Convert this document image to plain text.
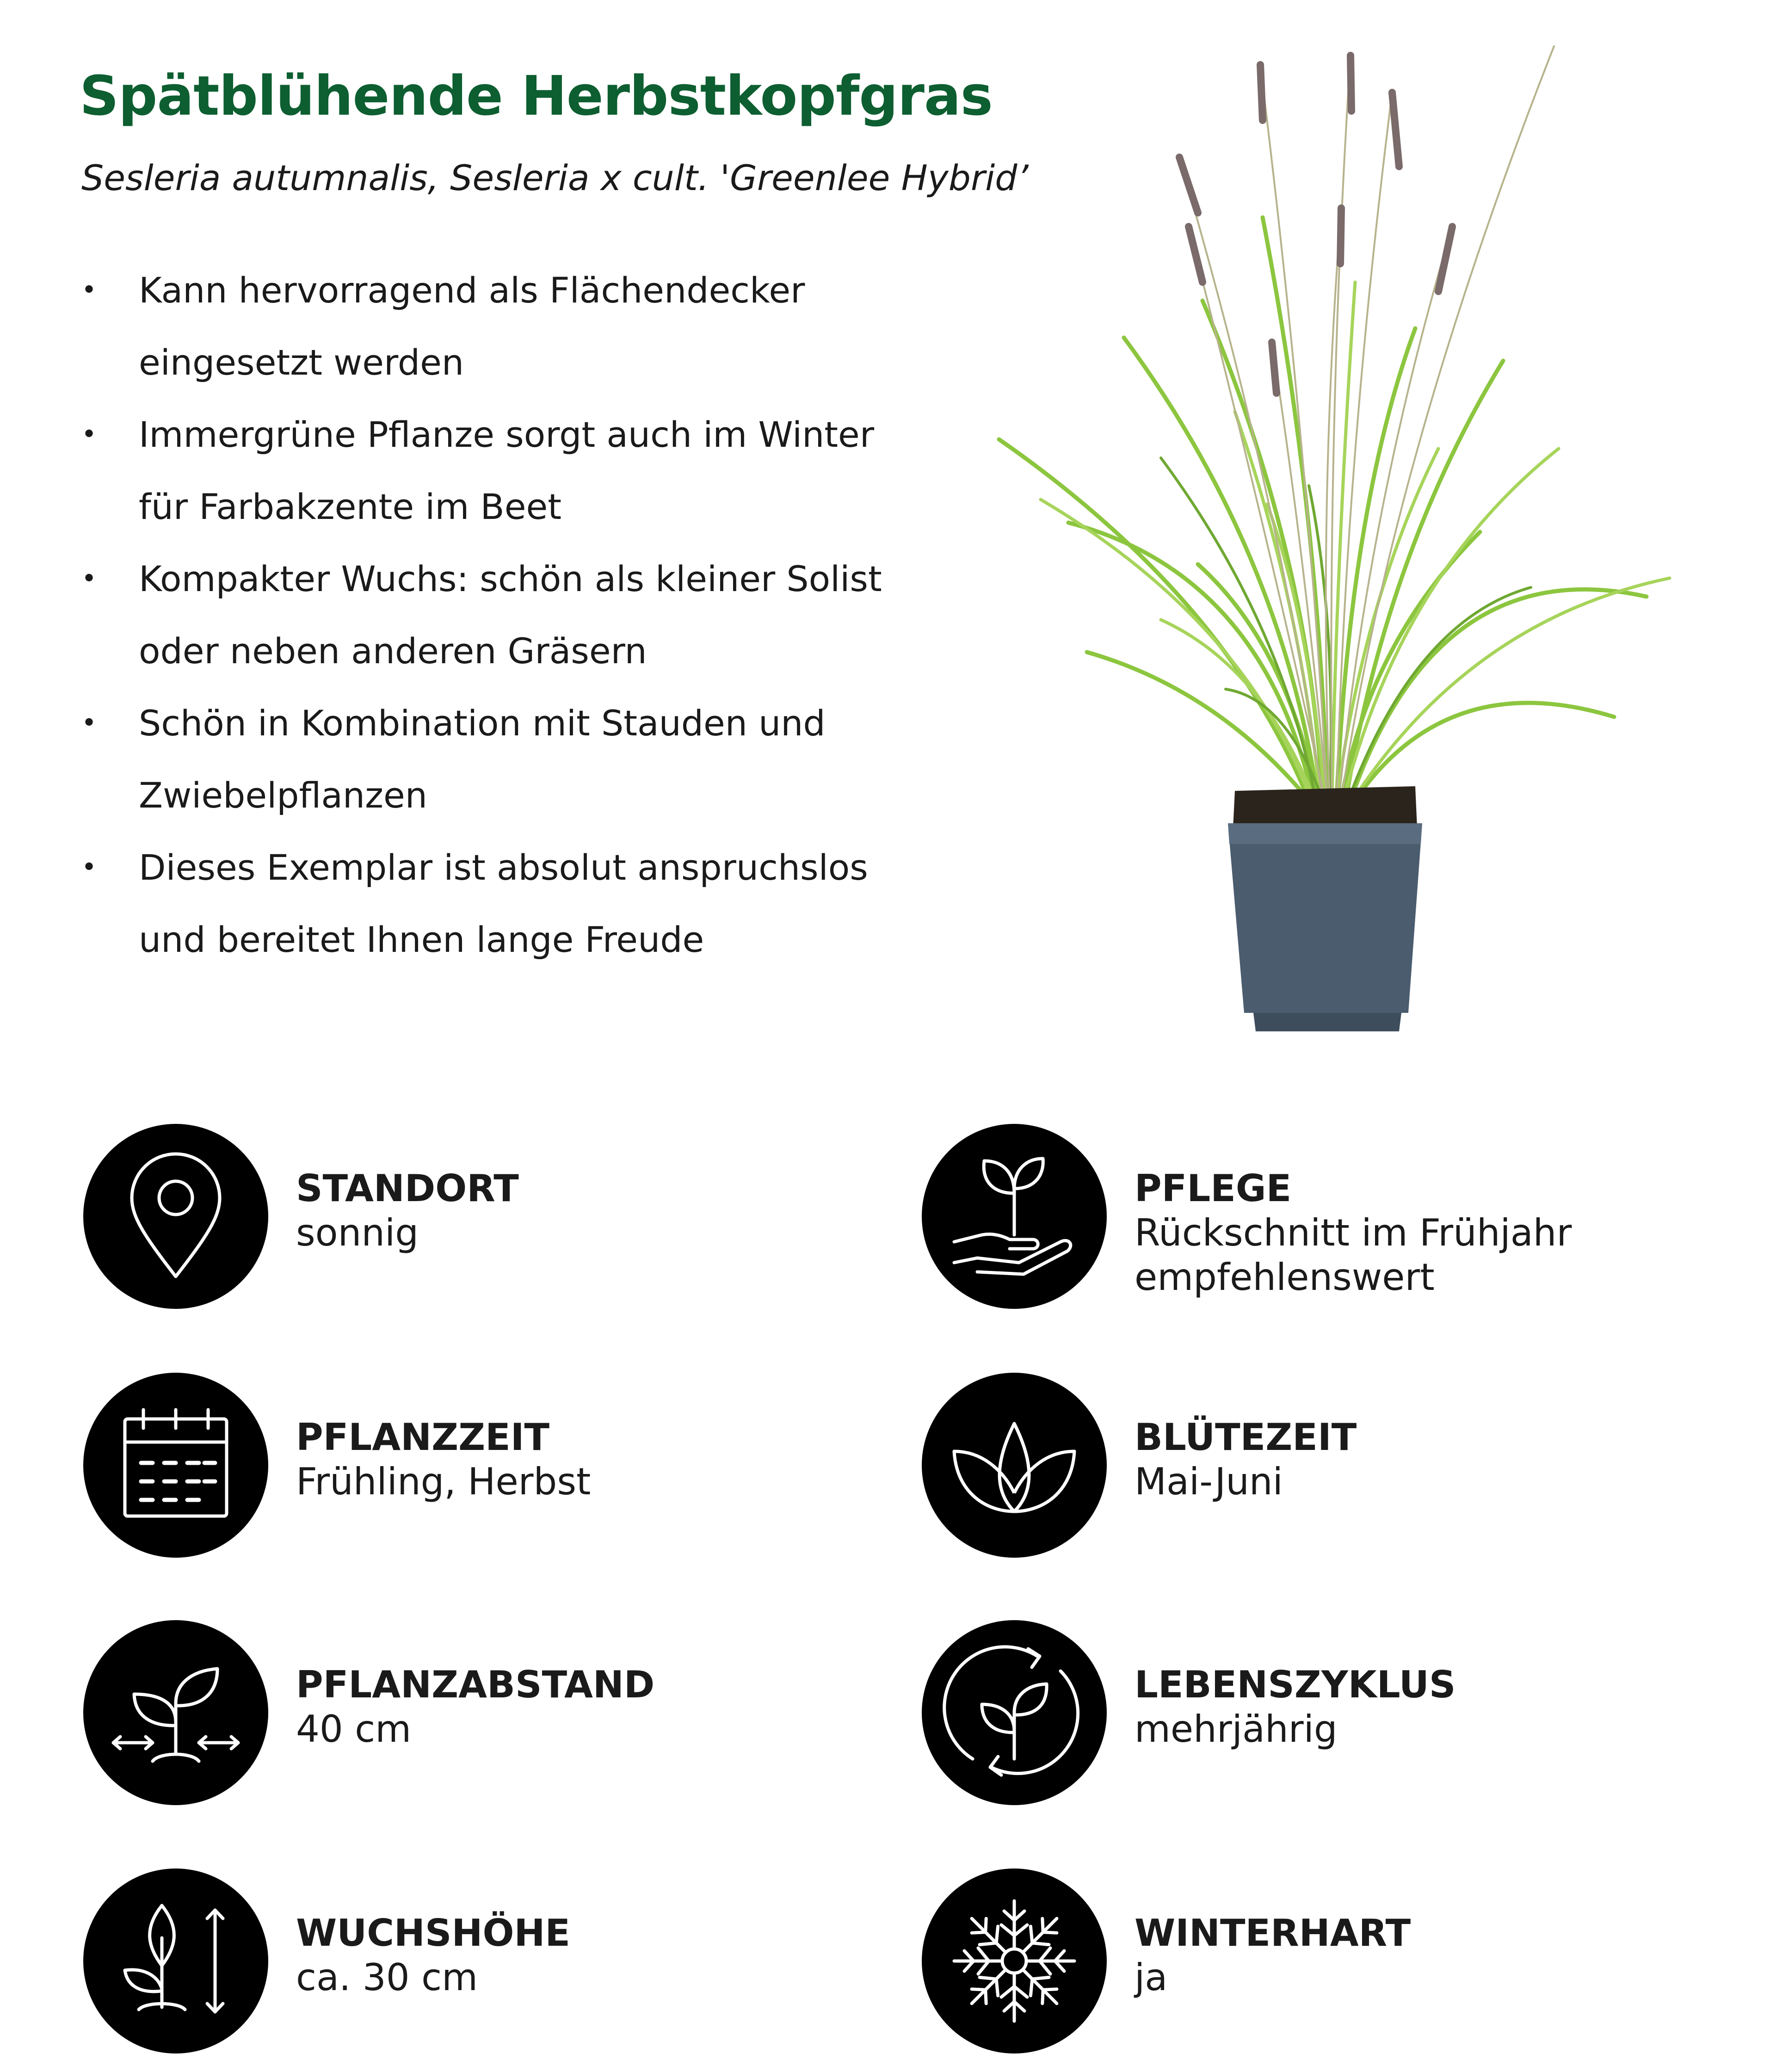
Spätblühende Herbstkopfgras

Sesleria autumnalis, Sesleria x cult. 'Greenlee Hybrid’

• Kann hervorragend als Flächendecker
eingesetzt werden
• Immergrüne Pflanze sorgt auch im Winter
für Farbakzente im Beet
• Kompakter Wuchs: schön als kleiner Solist
oder neben anderen Gräsern
• Schön in Kombination mit Stauden und
Zwiebelpflanzen
• Dieses Exemplar ist absolut anspruchslos
und bereitet Ihnen lange Freude
STANDORT
sonnig
PFLEGE
Rückschnitt im Frühjahr
empfehlenswert
PFLANZZEIT
Frühling, Herbst
BLÜTEZEIT
Mai-Juni
PFLANZABSTAND
40 cm
LEBENSZYKLUS
mehrjährig
WUCHSHÖHE
ca. 30 cm
WINTERHART
ja
